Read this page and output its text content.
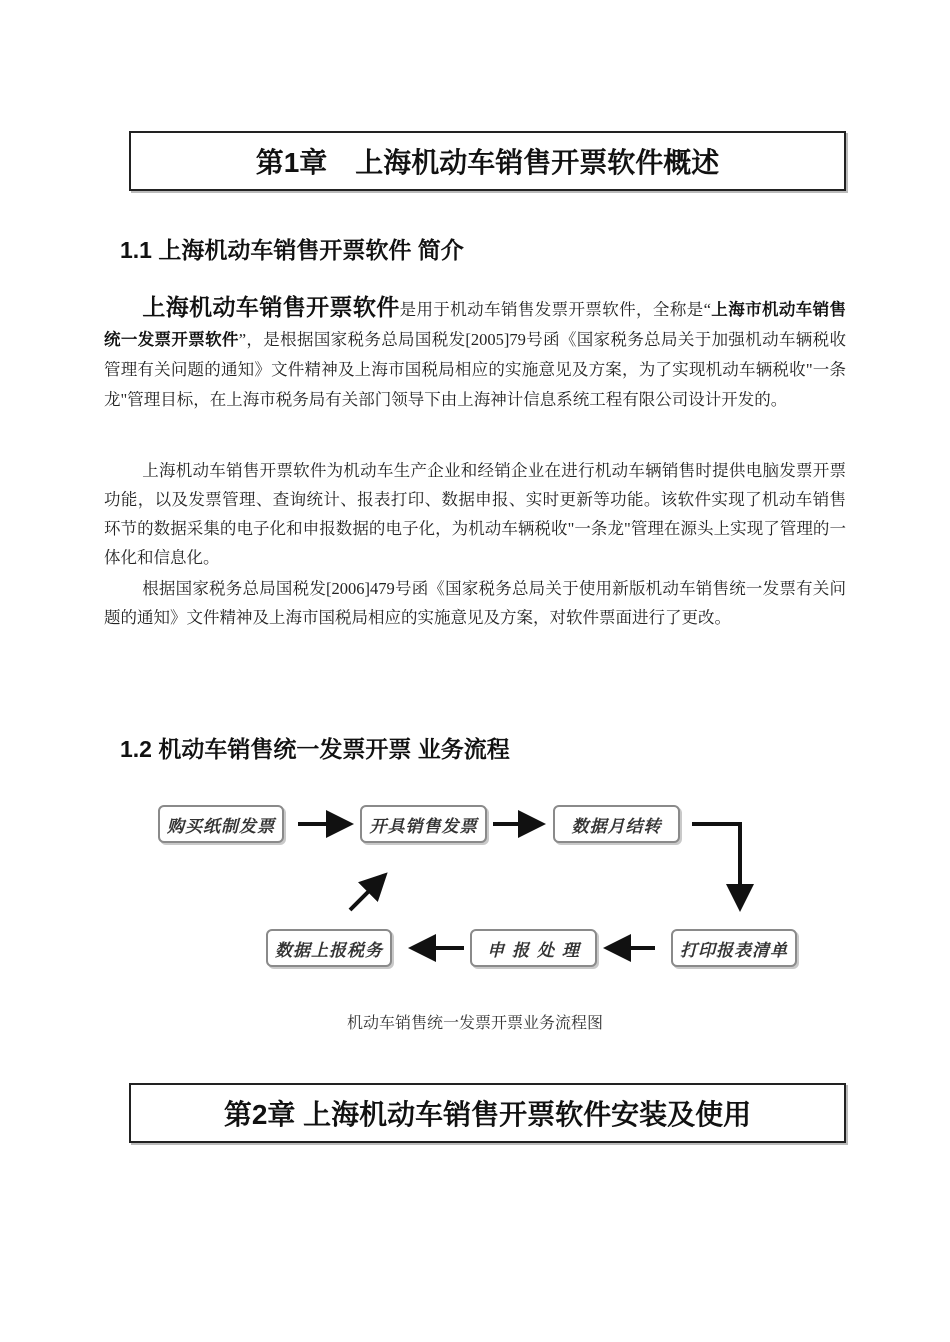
第1章　上海机动车销售开票软件概述
1.1 上海机动车销售开票软件 简介

上海机动车销售开票软件是用于机动车销售发票开票软件，全称是“上海市机动车销售统一发票开票软件”，是根据国家税务总局国税发[2005]79号函《国家税务总局关于加强机动车辆税收管理有关问题的通知》文件精神及上海市国税局相应的实施意见及方案，为了实现机动车辆税收"一条龙"管理目标，在上海市税务局有关部门领导下由上海神计信息系统工程有限公司设计开发的。

上海机动车销售开票软件为机动车生产企业和经销企业在进行机动车辆销售时提供电脑发票开票功能，以及发票管理、查询统计、报表打印、数据申报、实时更新等功能。该软件实现了机动车销售环节的数据采集的电子化和申报数据的电子化，为机动车辆税收"一条龙"管理在源头上实现了管理的一体化和信息化。

根据国家税务总局国税发[2006]479号函《国家税务总局关于使用新版机动车销售统一发票有关问题的通知》文件精神及上海市国税局相应的实施意见及方案，对软件票面进行了更改。

1.2 机动车销售统一发票开票 业务流程
购买纸制发票	开具销售发票	数据月结转
打印报表清单
申 报 处 理
数据上报税务
机动车销售统一发票开票业务流程图
第2章 上海机动车销售开票软件安装及使用
